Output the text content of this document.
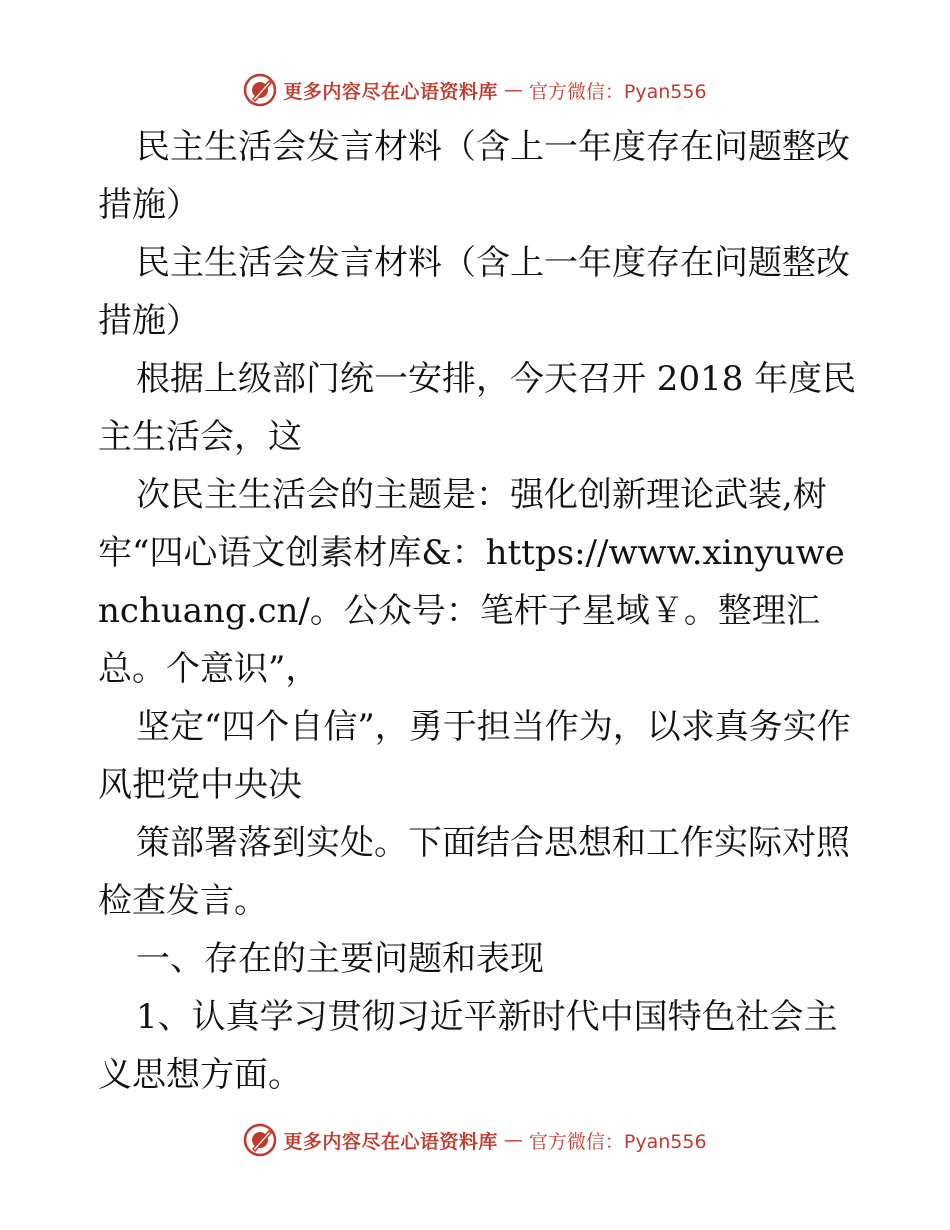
更多内容尽在心语资料库 — 官方微信：Pyan556

民主生活会发言材料（含上一年度存在问题整改措施）

民主生活会发言材料（含上一年度存在问题整改措施）

根据上级部门统一安排，今天召开 2018 年度民主生活会，这

次民主生活会的主题是：强化创新理论武装,树牢“四心语文创素材库&：https://www.xinyuwenchuang.cn/。公众号：笔杆子星域￥。整理汇总。个意识”，

坚定“四个自信”，勇于担当作为，以求真务实作风把党中央决

策部署落到实处。下面结合思想和工作实际对照检查发言。

一、存在的主要问题和表现

1、认真学习贯彻习近平新时代中国特色社会主义思想方面。

更多内容尽在心语资料库 — 官方微信：Pyan556
